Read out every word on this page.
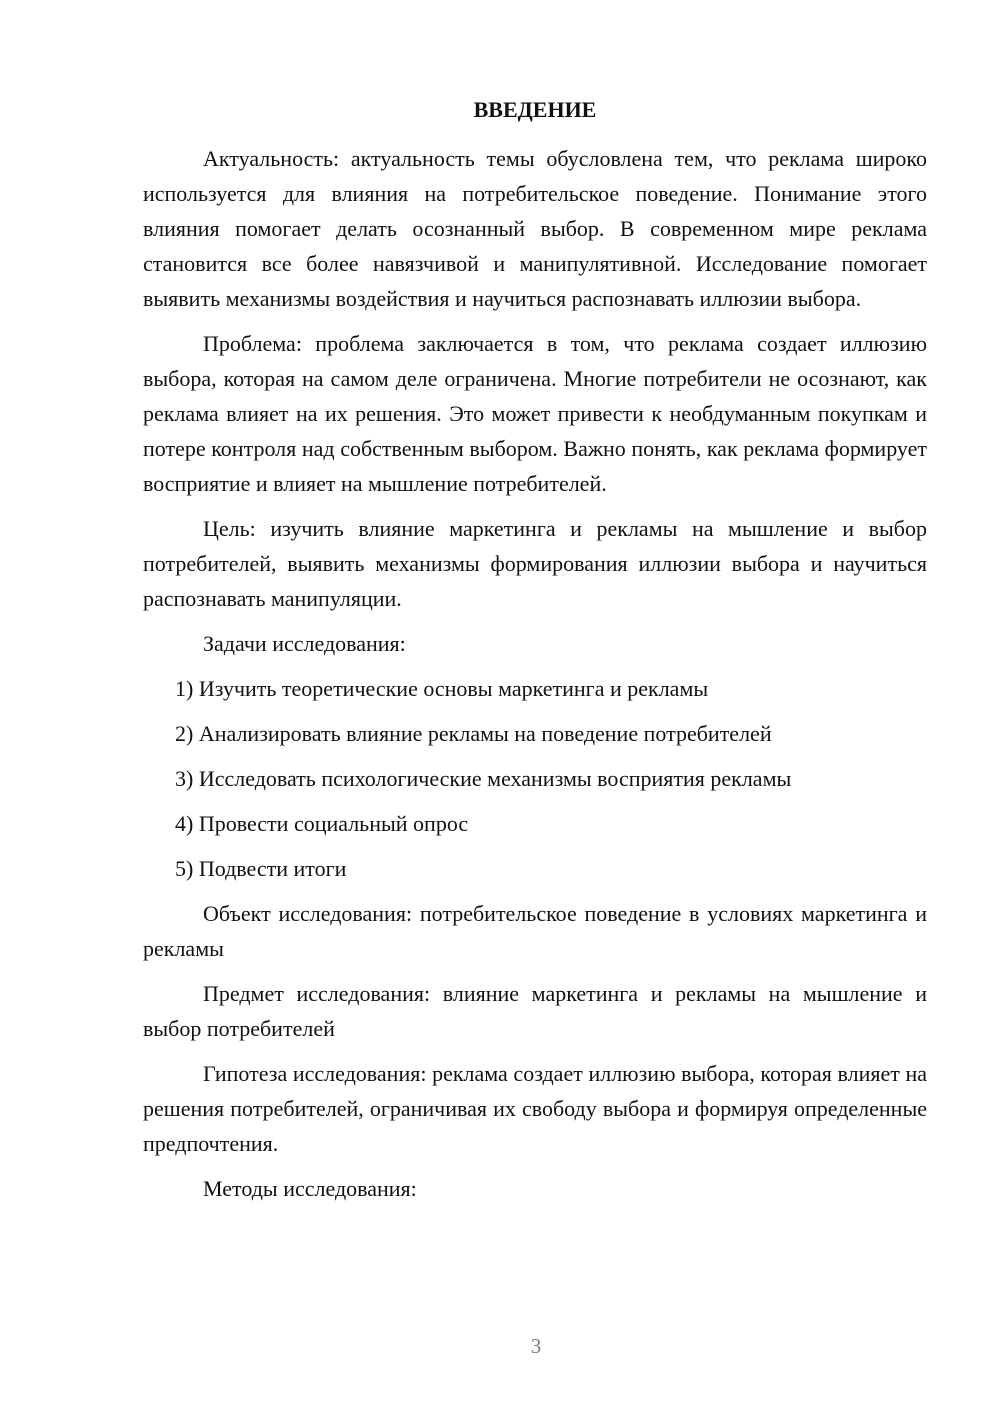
ВВЕДЕНИЕ

Актуальность: актуальность темы обусловлена тем, что реклама широко используется для влияния на потребительское поведение. Понимание этого влияния помогает делать осознанный выбор. В современном мире реклама становится все более навязчивой и манипулятивной. Исследование помогает выявить механизмы воздействия и научиться распознавать иллюзии выбора.

Проблема: проблема заключается в том, что реклама создает иллюзию выбора, которая на самом деле ограничена. Многие потребители не осознают, как реклама влияет на их решения. Это может привести к необдуманным покупкам и потере контроля над собственным выбором. Важно понять, как реклама формирует восприятие и влияет на мышление потребителей.

Цель: изучить влияние маркетинга и рекламы на мышление и выбор потребителей, выявить механизмы формирования иллюзии выбора и научиться распознавать манипуляции.

Задачи исследования:

1) Изучить теоретические основы маркетинга и рекламы

2) Анализировать влияние рекламы на поведение потребителей

3) Исследовать психологические механизмы восприятия рекламы

4) Провести социальный опрос

5) Подвести итоги

Объект исследования: потребительское поведение в условиях маркетинга и рекламы

Предмет исследования: влияние маркетинга и рекламы на мышление и выбор потребителей

Гипотеза исследования: реклама создает иллюзию выбора, которая влияет на решения потребителей, ограничивая их свободу выбора и формируя определенные предпочтения.

Методы исследования:

3
